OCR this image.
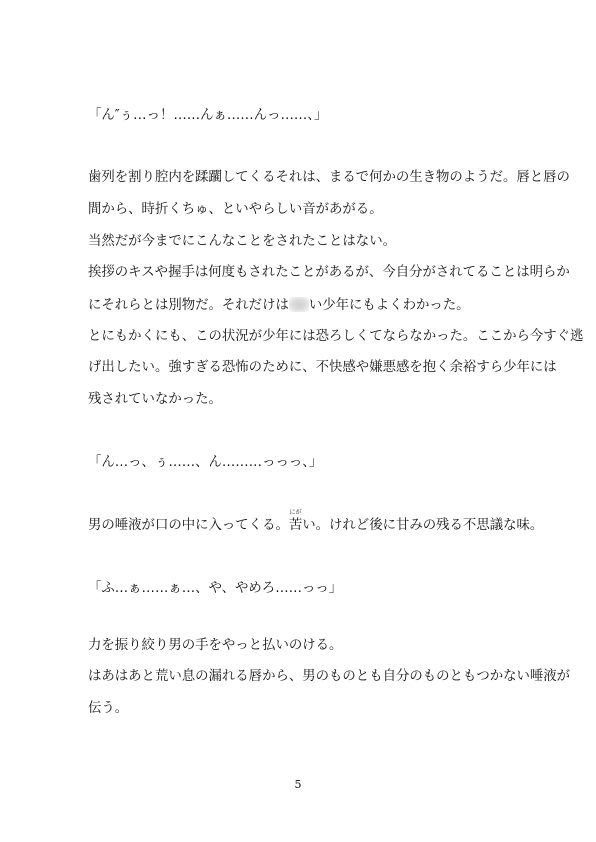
「ん″ぅ…っ！……んぁ……んっ……、」
歯列を割り腔内を蹂躙してくるそれは、まるで何かの生き物のようだ。唇と唇の
間から、時折くちゅ、といやらしい音があがる。
当然だが今までにこんなことをされたことはない。
挨拶のキスや握手は何度もされたことがあるが、今自分がされてることは明らか
にそれらとは別物だ。それだけは い少年にもよくわかった。
とにもかくにも、この状況が少年には恐ろしくてならなかった。ここから今すぐ逃
げ出したい。強すぎる恐怖のために、不快感や嫌悪感を抱く余裕すら少年には
残されていなかった。
「ん…っ、ぅ……、ん………っっっ、」
男の唾液が口の中に入ってくる。
にが
苦い。けれど後に甘みの残る不思議な味。
「ふ…ぁ……ぁ…、や、やめろ……っっ」
力を振り絞り男の手をやっと払いのける。
はあはあと荒い息の漏れる唇から、男のものとも自分のものともつかない唾液が
伝う。
5
